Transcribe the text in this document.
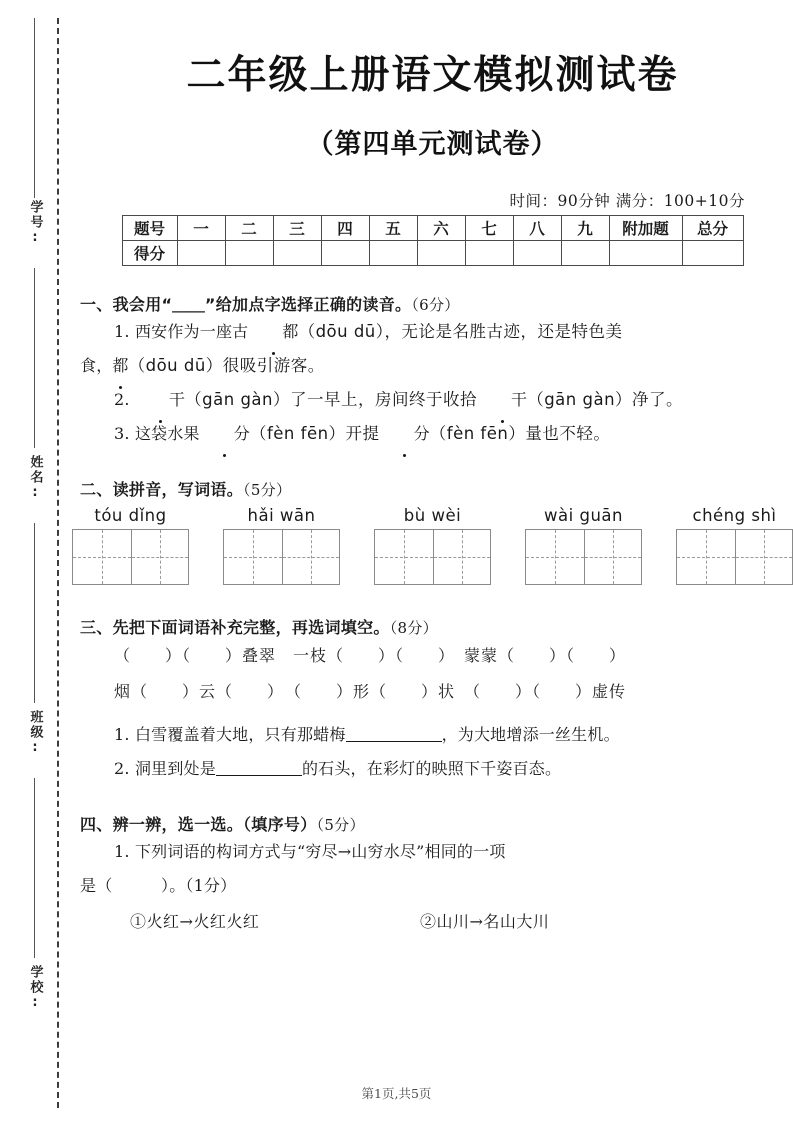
学号:
姓名:
班级:
学校:
二年级上册语文模拟测试卷
（第四单元测试卷）
时间：90分钟 满分：100+10分
题号	一	二	三	四	五	六	七	八	九	附加题	总分
得分											
一、我会用“＿＿”给加点字选择正确的读音。（6分）
1. 西安作为一座古 都（dōu dū），无论是名胜古迹，还是特色美
食，都（dōu dū）很吸引游客。
2. 干（gān gàn）了一早上，房间终于收拾 干（gān gàn）净了。
3. 这袋水果 分（fèn fēn）开提 分（fèn fēn）量也不轻。
二、读拼音，写词语。（5分）
tóu dǐng	hǎi wān	bù wèi	wài guān	chéng shì
三、先把下面词语补充完整，再选词填空。（8分）
（　　）（　　）叠翠　一枝（　　）（　　）　蒙蒙（　　）（　　）
烟（　　）云（　　）　（　　）形（　　）状　（　　）（　　）虚传
1. 白雪覆盖着大地，只有那蜡梅	，为大地增添一丝生机。
2. 洞里到处是	的石头，在彩灯的映照下千姿百态。
四、辨一辨，选一选。（填序号）（5分）
1. 下列词语的构词方式与“穷尽→山穷水尽”相同的一项
是（　　　）。（1分）
①火红→火红火红	②山川→名山大川
第1页,共5页
